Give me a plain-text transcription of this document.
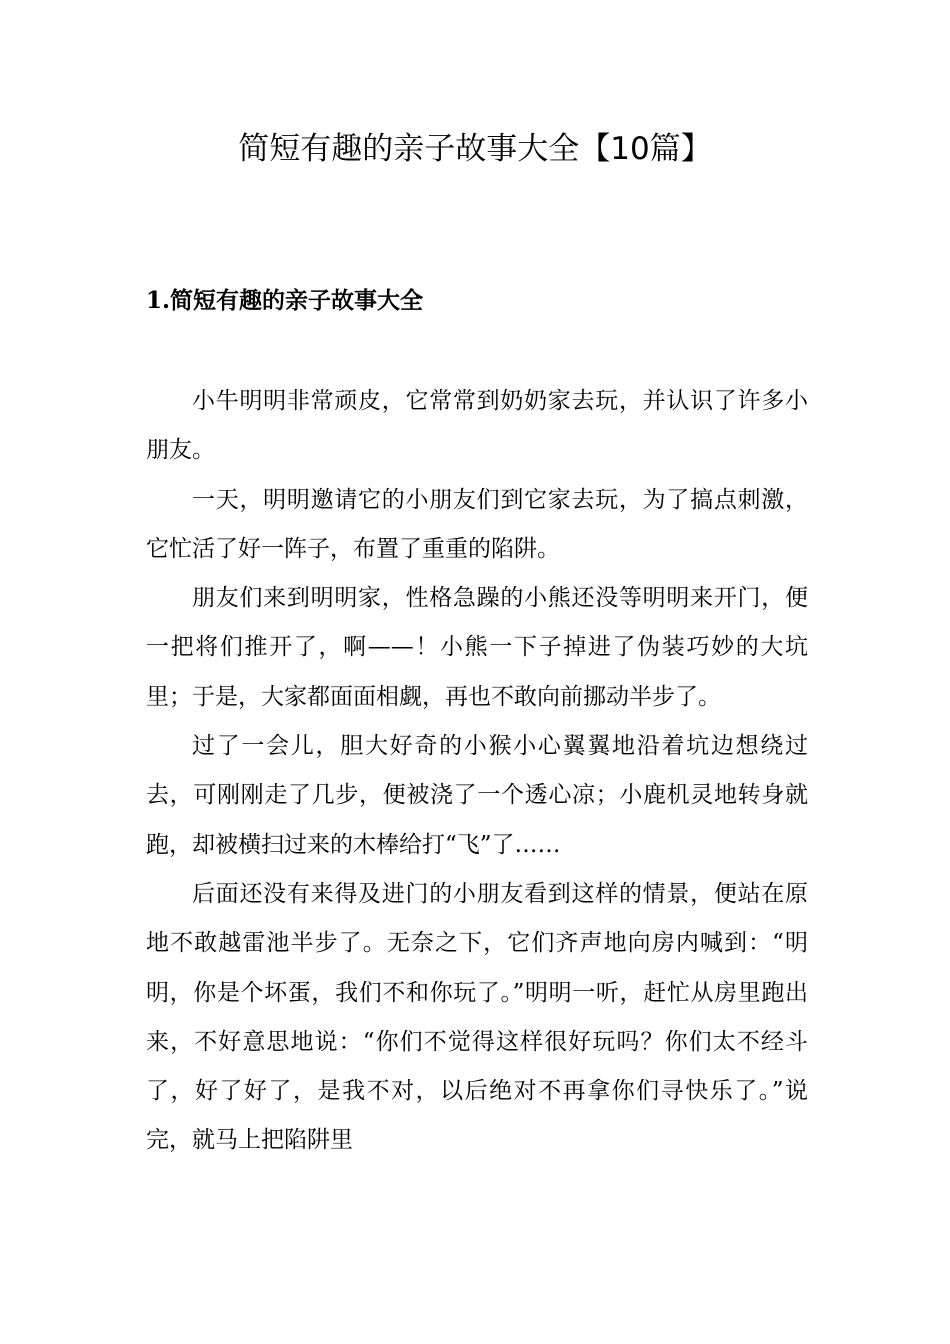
简短有趣的亲子故事大全【10篇】
1.简短有趣的亲子故事大全

小牛明明非常顽皮，它常常到奶奶家去玩，并认识了许多小朋友。

一天，明明邀请它的小朋友们到它家去玩，为了搞点刺激，它忙活了好一阵子，布置了重重的陷阱。

朋友们来到明明家，性格急躁的小熊还没等明明来开门，便一把将们推开了，啊——！小熊一下子掉进了伪装巧妙的大坑里；于是，大家都面面相觑，再也不敢向前挪动半步了。

过了一会儿，胆大好奇的小猴小心翼翼地沿着坑边想绕过去，可刚刚走了几步，便被浇了一个透心凉；小鹿机灵地转身就跑，却被横扫过来的木棒给打“飞”了……

后面还没有来得及进门的小朋友看到这样的情景，便站在原地不敢越雷池半步了。无奈之下，它们齐声地向房内喊到：“明明，你是个坏蛋，我们不和你玩了。”明明一听，赶忙从房里跑出来，不好意思地说：“你们不觉得这样很好玩吗？你们太不经斗了，好了好了，是我不对，以后绝对不再拿你们寻快乐了。”说完，就马上把陷阱里
